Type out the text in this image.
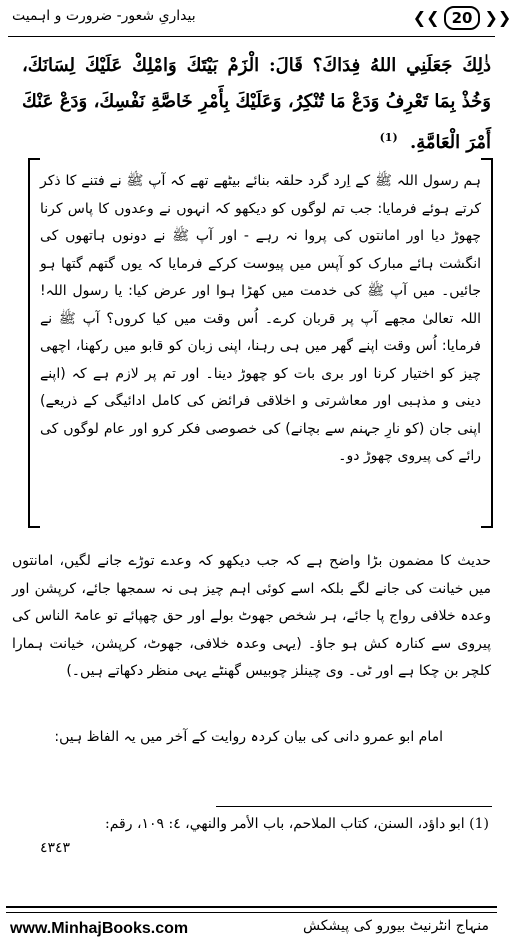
بیداریِ شعور- ضرورت و اہمیت	❮❮ 20 ❯❯
ذٰلِكَ جَعَلَنِي اللهُ فِدَاكَ؟ قَالَ: الْزَمْ بَيْتَكَ وَامْلِكْ عَلَيْكَ لِسَانَكَ، وَخُذْ بِمَا تَعْرِفُ وَدَعْ مَا تُنْكِرُ، وَعَلَيْكَ بِأَمْرِ خَاصَّةِ نَفْسِكَ، وَدَعْ عَنْكَ أَمْرَ الْعَامَّةِ. $^{(1)}$
ہم رسول اللہ ﷺ کے اِرد گرد حلقہ بنائے بیٹھے تھے کہ آپ ﷺ نے فتنے کا ذکر کرتے ہوئے فرمایا: جب تم لوگوں کو دیکھو کہ انہوں نے وعدوں کا پاس کرنا چھوڑ دیا اور امانتوں کی پروا نہ رہے - اور آپ ﷺ نے دونوں ہاتھوں کی انگشت ہائے مبارک کو آپس میں پیوست کرکے فرمایا کہ یوں گتھم گتھا ہو جائیں۔ میں آپ ﷺ کی خدمت میں کھڑا ہوا اور عرض کیا: یا رسول اللہ! اللہ تعالیٰ مجھے آپ پر قربان کرے۔ اُس وقت میں کیا کروں؟ آپ ﷺ نے فرمایا: اُس وقت اپنے گھر میں ہی رہنا، اپنی زبان کو قابو میں رکھنا، اچھی چیز کو اختیار کرنا اور بری بات کو چھوڑ دینا۔ اور تم پر لازم ہے کہ (اپنے دینی و مذہبی اور معاشرتی و اخلاقی فرائض کی کامل ادائیگی کے ذریعے) اپنی جان (کو نارِ جہنم سے بچانے) کی خصوصی فکر کرو اور عام لوگوں کی رائے کی پیروی چھوڑ دو۔
حدیث کا مضمون بڑا واضح ہے کہ جب دیکھو کہ وعدے توڑے جانے لگیں، امانتوں میں خیانت کی جانے لگے بلکہ اسے کوئی اہم چیز ہی نہ سمجھا جائے، کرپشن اور وعدہ خلافی رواج پا جائے، ہر شخص جھوٹ بولے اور حق چھپائے تو عامۃ الناس کی پیروی سے کنارہ کش ہو جاؤ۔ (یہی وعدہ خلافی، جھوٹ، کرپشن، خیانت ہمارا کلچر بن چکا ہے اور ٹی۔ وی چینلز چوبیس گھنٹے یہی منظر دکھاتے ہیں۔)
امام ابو عمرو دانی کی بیان کردہ روایت کے آخر میں یہ الفاظ ہیں:
(1) ابو داؤد، السنن، كتاب الملاحم، باب الأمر والنهي، ٤: ١٠٩، رقم:
٤٣٤٣
www.MinhajBooks.com	منہاج انٹرنیٹ بیورو کی پیشکش
